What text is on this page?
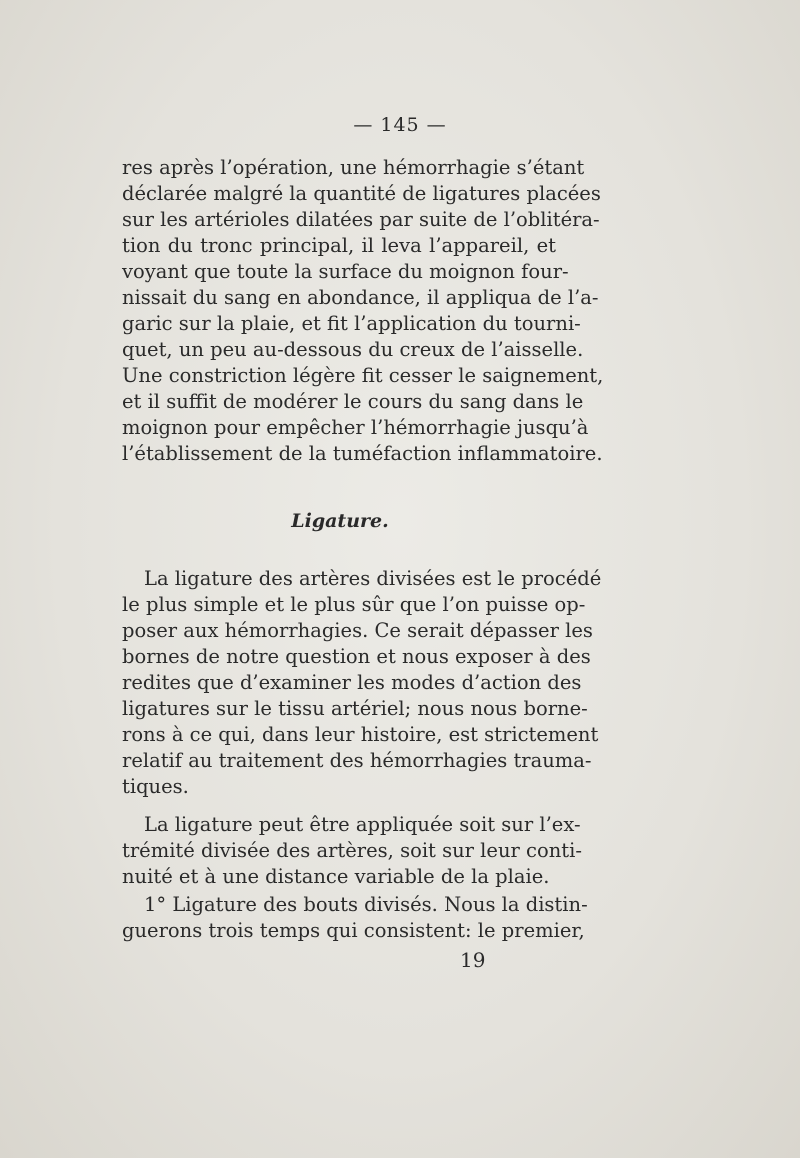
— 145 —
res après l’opération, une hémorrhagie s’étant
déclarée malgré la quantité de ligatures placées
sur les artérioles dilatées par suite de l’oblitéra-
tion du tronc principal, il leva l’appareil, et
voyant que toute la surface du moignon four-
nissait du sang en abondance, il appliqua de l’a-
garic sur la plaie, et fit l’application du tourni-
quet, un peu au-dessous du creux de l’aisselle.
Une constriction légère fit cesser le saignement,
et il suffit de modérer le cours du sang dans le
moignon pour empêcher l’hémorrhagie jusqu’à
l’établissement de la tuméfaction inflammatoire.
Ligature.
La ligature des artères divisées est le procédé
le plus simple et le plus sûr que l’on puisse op-
poser aux hémorrhagies. Ce serait dépasser les
bornes de notre question et nous exposer à des
redites que d’examiner les modes d’action des
ligatures sur le tissu artériel; nous nous borne-
rons à ce qui, dans leur histoire, est strictement
relatif au traitement des hémorrhagies trauma-
tiques.
La ligature peut être appliquée soit sur l’ex-
trémité divisée des artères, soit sur leur conti-
nuité et à une distance variable de la plaie.
1° Ligature des bouts divisés. Nous la distin-
guerons trois temps qui consistent: le premier,
19
